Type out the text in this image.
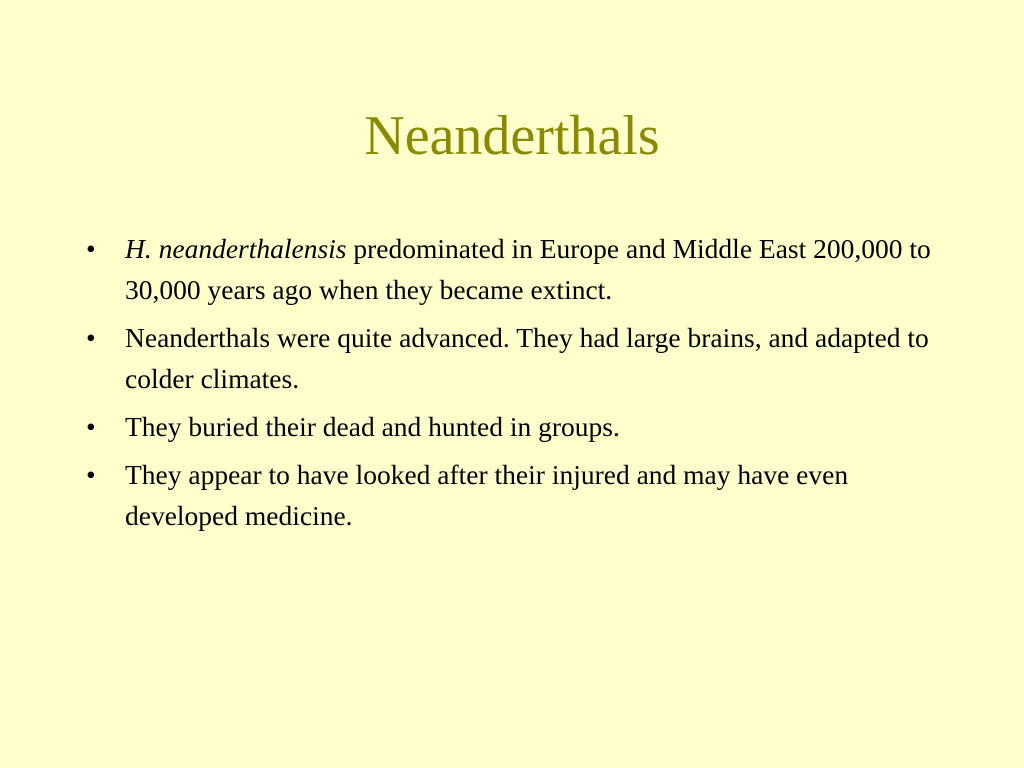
Neanderthals
• H. neanderthalensis predominated in Europe and Middle East 200,000 to 30,000 years ago when they became extinct.
• Neanderthals were quite advanced. They had large brains, and adapted to colder climates.
• They buried their dead and hunted in groups.
• They appear to have looked after their injured and may have even developed medicine.
